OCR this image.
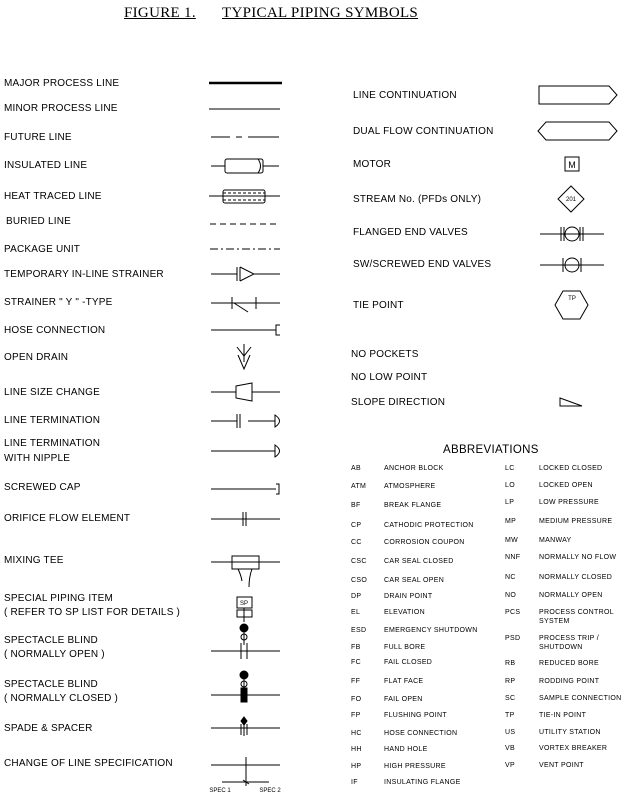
FIGURE 1. TYPICAL PIPING SYMBOLS
MAJOR PROCESS LINE
MINOR PROCESS LINE
FUTURE LINE
INSULATED LINE
HEAT TRACED LINE
BURIED LINE
PACKAGE UNIT
TEMPORARY IN-LINE STRAINER
STRAINER " Y " -TYPE
HOSE CONNECTION
OPEN DRAIN
LINE SIZE CHANGE
LINE TERMINATION
LINE TERMINATION
WITH NIPPLE
SCREWED CAP
ORIFICE FLOW ELEMENT
MIXING TEE
SPECIAL PIPING ITEM
( REFER TO SP LIST FOR DETAILS )
SPECTACLE BLIND
( NORMALLY OPEN )
SPECTACLE BLIND
( NORMALLY CLOSED )
SPADE & SPACER
CHANGE OF LINE SPECIFICATION
SP
SPEC 1	SPEC 2
LINE CONTINUATION
DUAL FLOW CONTINUATION
MOTOR
STREAM No. (PFDs ONLY)
FLANGED END VALVES
SW/SCREWED END VALVES
TIE POINT
NO POCKETS
NO LOW POINT
SLOPE DIRECTION
M
201
TP
ABBREVIATIONS
AB	ANCHOR BLOCK
ATM	ATMOSPHERE
BF	BREAK FLANGE
CP	CATHODIC PROTECTION
CC	CORROSION COUPON
CSC CAR SEAL CLOSED
CSO CAR SEAL OPEN
DP	DRAIN POINT
EL	ELEVATION
ESD	EMERGENCY SHUTDOWN
FB	FULL BORE
FC	FAIL CLOSED
FF	FLAT FACE
FO	FAIL OPEN
FP	FLUSHING POINT
HC	HOSE CONNECTION
HH	HAND HOLE
HP	HIGH PRESSURE
IF	INSULATING FLANGE
LC	LOCKED CLOSED
LO	LOCKED OPEN
LP	LOW PRESSURE
MP	MEDIUM PRESSURE
MW	MANWAY
NNF	NORMALLY NO FLOW
NC	NORMALLY CLOSED
NO	NORMALLY OPEN
PCS	PROCESS CONTROL
SYSTEM
PSD	PROCESS TRIP /
SHUTDOWN
RB	REDUCED BORE
RP	RODDING POINT
SC	SAMPLE CONNECTION
TP	TIE-IN POINT
US	UTILITY STATION
VB	VORTEX BREAKER
VP	VENT POINT
